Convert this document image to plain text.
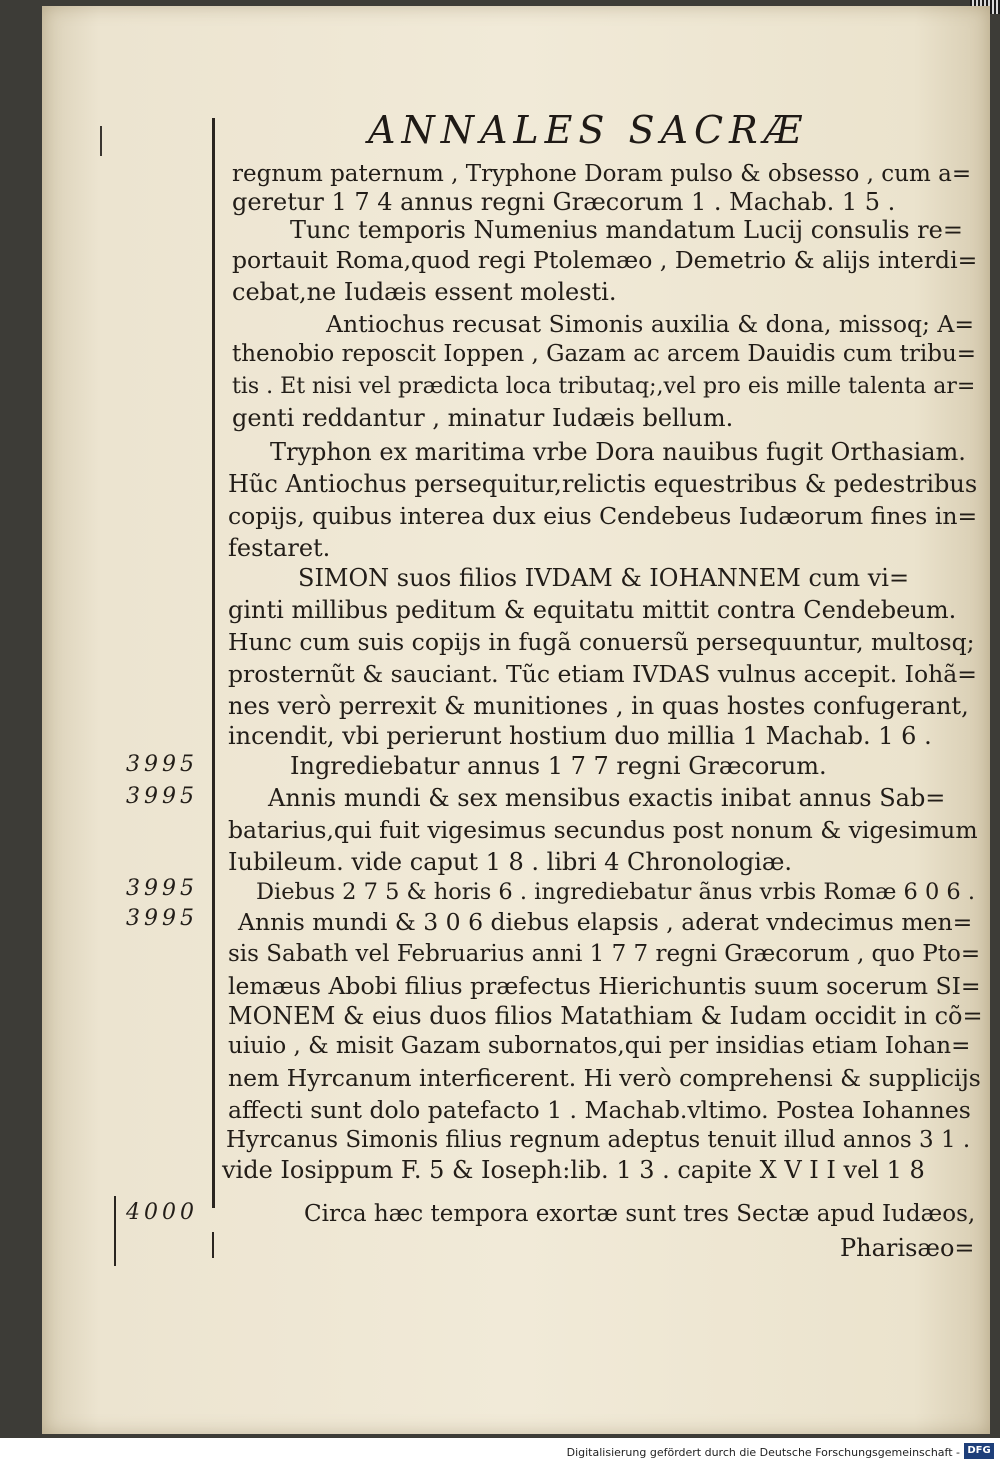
ANNALES SACRÆ
regnum paternum , Tryphone Doram pulso & obsesso , cum a=
geretur 1 7 4 annus regni Græcorum 1 . Machab. 1 5 .
Tunc temporis Numenius mandatum Lucij consulis re=
portauit Roma,quod regi Ptolemæo , Demetrio & alijs interdi=
cebat,ne Iudæis essent molesti.
Antiochus recusat Simonis auxilia & dona, missoq; A=
thenobio reposcit Ioppen , Gazam ac arcem Dauidis cum tribu=
tis . Et nisi vel prædicta loca tributaq;,vel pro eis mille talenta ar=
genti reddantur , minatur Iudæis bellum.
Tryphon ex maritima vrbe Dora nauibus fugit Orthasiam.
Hũc Antiochus persequitur,relictis equestribus & pedestribus
copijs, quibus interea dux eius Cendebeus Iudæorum fines in=
festaret.
SIMON suos filios IVDAM & IOHANNEM cum vi=
ginti millibus peditum & equitatu mittit contra Cendebeum.
Hunc cum suis copijs in fugã conuersũ persequuntur, multosq;
prosternũt & sauciant. Tũc etiam IVDAS vulnus accepit. Iohã=
nes verò perrexit & munitiones , in quas hostes confugerant,
incendit, vbi perierunt hostium duo millia 1 Machab. 1 6 .
Ingrediebatur annus 1 7 7 regni Græcorum.
Annis mundi & sex mensibus exactis inibat annus Sab=
batarius,qui fuit vigesimus secundus post nonum & vigesimum
Iubileum. vide caput 1 8 . libri 4 Chronologiæ.
Diebus 2 7 5 & horis 6 . ingrediebatur ãnus vrbis Romæ 6 0 6 .
Annis mundi & 3 0 6 diebus elapsis , aderat vndecimus men=
sis Sabath vel Februarius anni 1 7 7 regni Græcorum , quo Pto=
lemæus Abobi filius præfectus Hierichuntis suum socerum SI=
MONEM & eius duos filios Matathiam & Iudam occidit in cõ=
uiuio , & misit Gazam subornatos,qui per insidias etiam Iohan=
nem Hyrcanum interficerent. Hi verò comprehensi & supplicijs
affecti sunt dolo patefacto 1 . Machab.vltimo. Postea Iohannes
Hyrcanus Simonis filius regnum adeptus tenuit illud annos 3 1 .
vide Iosippum F. 5 & Ioseph:lib. 1 3 . capite X V I I vel 1 8
Circa hæc tempora exortæ sunt tres Sectæ apud Iudæos,
Pharisæo=
3995
3995
3995
3995
4000
Digitalisierung gefördert durch die Deutsche Forschungsgemeinschaft - DFG
